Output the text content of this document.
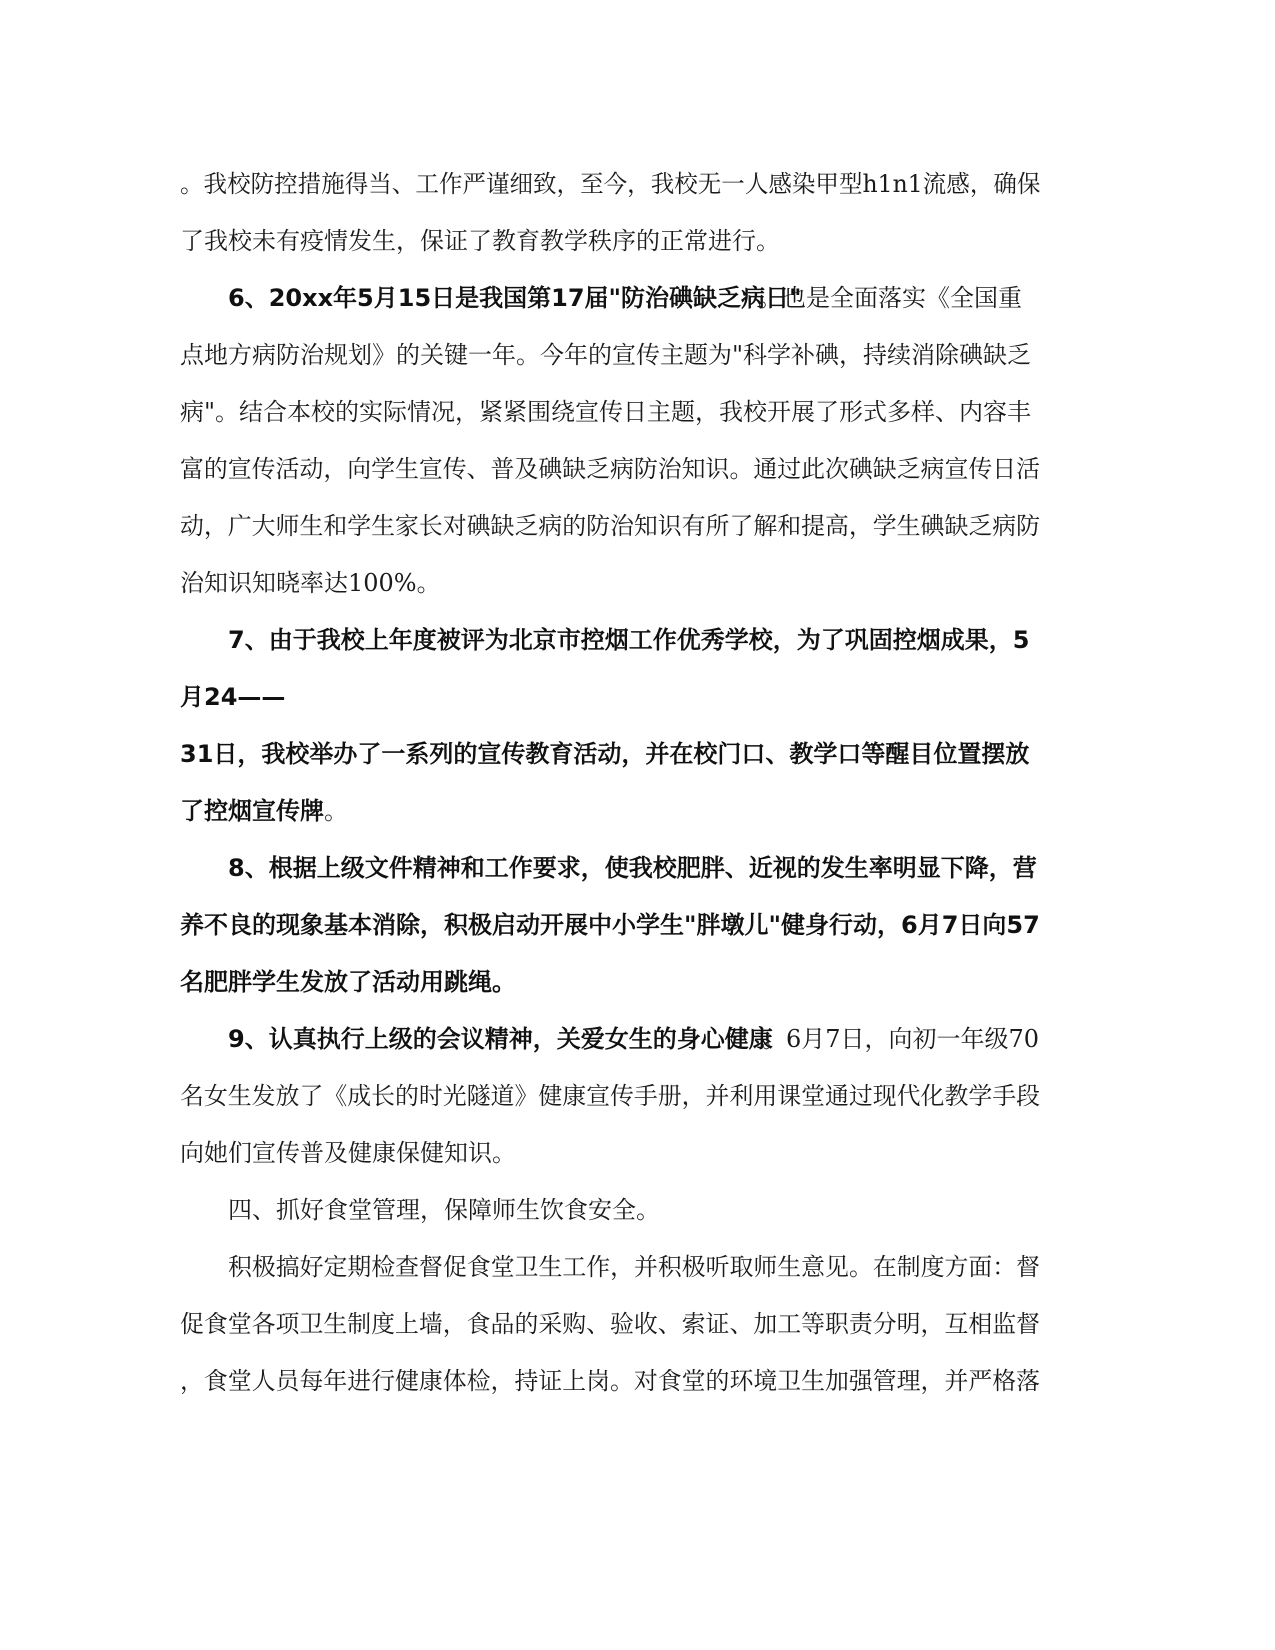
。我校防控措施得当、工作严谨细致，至今，我校无一人感染甲型h1n1流感，确保
了我校未有疫情发生，保证了教育教学秩序的正常进行。
6、20xx年5月15日是我国第17届"防治碘缺乏病日"
。也是全面落实《全国重
点地方病防治规划》的关键一年。今年的宣传主题为"科学补碘，持续消除碘缺乏
病"。结合本校的实际情况，紧紧围绕宣传日主题，我校开展了形式多样、内容丰
富的宣传活动，向学生宣传、普及碘缺乏病防治知识。通过此次碘缺乏病宣传日活
动，广大师生和学生家长对碘缺乏病的防治知识有所了解和提高，学生碘缺乏病防
治知识知晓率达100%。
7、由于我校上年度被评为北京市控烟工作优秀学校，为了巩固控烟成果，5
月24——
31日，我校举办了一系列的宣传教育活动，并在校门口、教学口等醒目位置摆放
了控烟宣传牌 。
8、根据上级文件精神和工作要求，使我校肥胖、近视的发生率明显下降，营
养不良的现象基本消除，积极启动开展中小学生"胖墩儿"健身行动，6月7日向57
名肥胖学生发放了活动用跳绳。
9、认真执行上级的会议精神，关爱女生的身心健康
。6月7日，向初一年级70
名女生发放了《成长的时光隧道》健康宣传手册，并利用课堂通过现代化教学手段
向她们宣传普及健康保健知识。
四、抓好食堂管理，保障师生饮食安全。
积极搞好定期检查督促食堂卫生工作，并积极听取师生意见。在制度方面：督
促食堂各项卫生制度上墙，食品的采购、验收、索证、加工等职责分明，互相监督
，食堂人员每年进行健康体检，持证上岗。对食堂的环境卫生加强管理，并严格落
